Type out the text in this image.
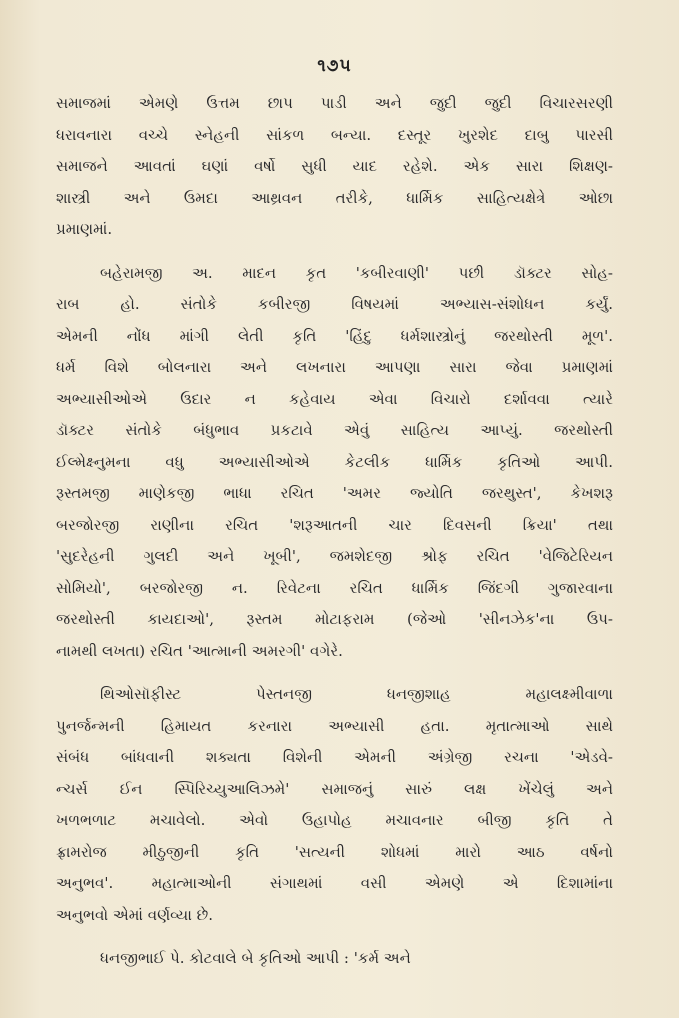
૧૭૫
સમાજમાં એમણે ઉત્તમ છાપ પાડી અને જુદી જુદી વિચારસરણી
ધરાવનારા વચ્ચે સ્નેહની સાંકળ બન્યા. દસ્તૂર ખુરશેદ દાબુ પારસી
સમાજને આવતાં ઘણાં વર્ષો સુધી યાદ રહેશે. એક સારા શિક્ષણ-
શાસ્ત્રી અને ઉમદા આથ્રવન તરીકે, ધાર્મિક સાહિત્યક્ષેત્રે ઓછા
પ્રમાણમાં.
બહેરામજી અ. માદન કૃત 'કબીરવાણી' પછી ડૉક્ટર સોહ-
રાબ હો. સંતોકે કબીરજી વિષયમાં અભ્યાસ-સંશોધન કર્યું.
એમની નોંધ માંગી લેતી કૃતિ 'હિંદુ ધર્મશાસ્ત્રોનું જરથોસ્તી મૂળ'.
ધર્મ વિશે બોલનારા અને લખનારા આપણા સારા જેવા પ્રમાણમાં
અભ્યાસીઓએ ઉદાર ન કહેવાય એવા વિચારો દર્શાવવા ત્યારે
ડૉક્ટર સંતોકે બંધુભાવ પ્રકટાવે એવું સાહિત્ય આપ્યું. જરથોસ્તી
ઈલ્મેક્ષ્નુમના વધુ અભ્યાસીઓએ કેટલીક ધાર્મિક કૃતિઓ આપી.
રૂસ્તમજી માણેકજી ભાધા રચિત 'અમર જ્યોતિ જરથુસ્ત', કેખશરૂ
બરજોરજી રાણીના રચિત 'શરૂઆતની ચાર દિવસની ક્રિયા' તથા
'સુદરેહની ગુલદી અને ખૂબી', જમશેદજી શ્રોફ રચિત 'વેજિટેરિયન
સોમિયો', બરજોરજી ન. રિવેટના રચિત ધાર્મિક જિંદગી ગુજારવાના
જરથોસ્તી કાયદાઓ', રૂસ્તમ મોટાફરામ (જેઓ 'સીનઝેક'ના ઉપ-
નામથી લખતા) રચિત 'આત્માની અમરગી' વગેરે.
થિઓસૉફીસ્ટ પેસ્તનજી ધનજીશાહ મહાલક્ષ્મીવાળા
પુનર્જન્મની હિમાયત કરનારા અભ્યાસી હતા. મૃતાત્માઓ સાથે
સંબંધ બાંધવાની શક્યતા વિશેની એમની અંગ્રેજી રચના 'એડવે-
ન્ચર્સ ઈન સ્પિરિચ્યુઆલિઝમે' સમાજનું સારું લક્ષ ખેંચેલું અને
ખળભળાટ મચાવેલો. એવો ઉહાપોહ મચાવનાર બીજી કૃતિ તે
ફ્રામરોજ મીઠુજીની કૃતિ 'સત્યની શોધમાં મારો આઠ વર્ષનો
અનુભવ'. મહાત્માઓની સંગાથમાં વસી એમણે એ દિશામાંના
અનુભવો એમાં વર્ણવ્યા છે.
ધનજીભાઈ પે. કોટવાલે બે કૃતિઓ આપી : 'કર્મ અને
